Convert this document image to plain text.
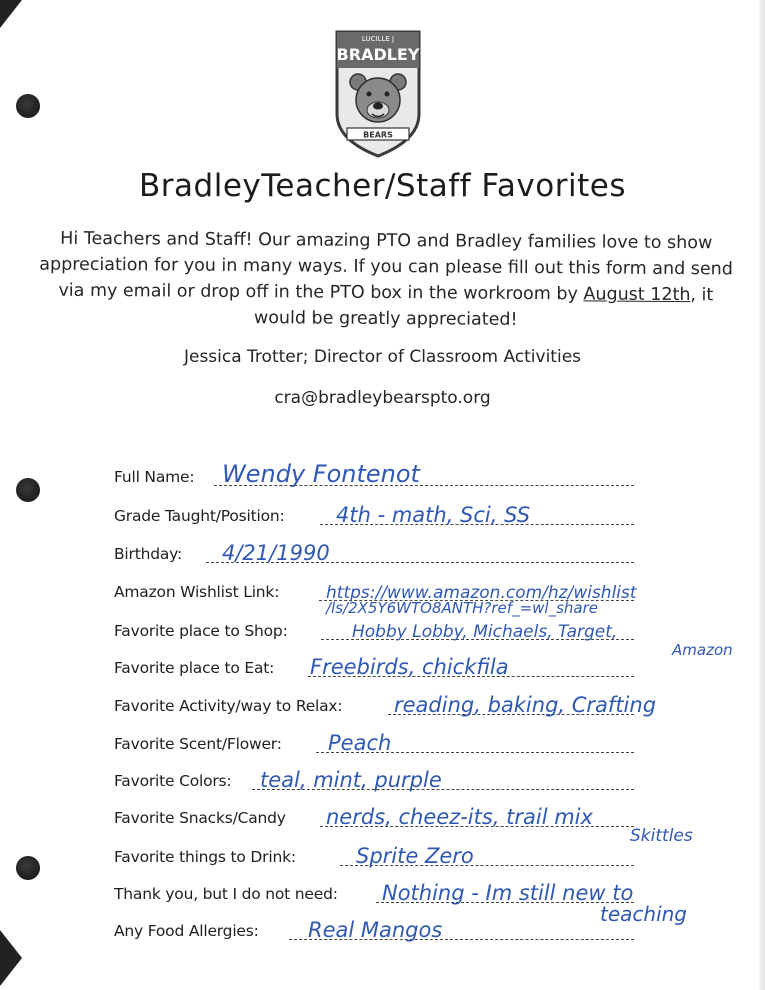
LUCILLE J
BRADLEY
BEARS
BradleyTeacher/Staff Favorites
Hi Teachers and Staff! Our amazing PTO and Bradley families love to show appreciation for you in many ways. If you can please fill out this form and send via my email or drop off in the PTO box in the workroom by August 12th, it would be greatly appreciated!
Jessica Trotter; Director of Classroom Activities
cra@bradleybearspto.org
Full Name: Wendy Fontenot
Grade Taught/Position: 4th - math, Sci, SS
Birthday: 4/21/1990
Amazon Wishlist Link:	https://www.amazon.com/hz/wishlist
/ls/2X5Y6WTO8ANTH?ref_=wl_share
Favorite place to Shop:	Hobby Lobby, Michaels, Target,
Amazon
Favorite place to Eat: Freebirds, chickfila
Favorite Activity/way to Relax: reading, baking, Crafting
Favorite Scent/Flower: Peach
Favorite Colors: teal, mint, purple
Favorite Snacks/Candy nerds, cheez-its, trail mix
Skittles
Favorite things to Drink:	Sprite Zero
Thank you, but I do not need: Nothing - Im still new to
teaching
Any Food Allergies: Real Mangos
